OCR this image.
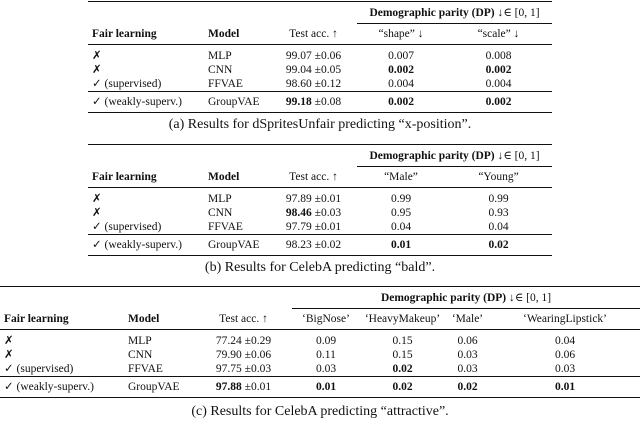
			Demographic parity (DP) ↓∈ [0, 1]	
Fair learning	Model	Test acc. ↑	“shape” ↓	“scale” ↓
✗	MLP	99.07 ±0.06	0.007	0.008
✗	CNN	99.04 ±0.05	0.002	0.002
✓ (supervised)	FFVAE	98.60 ±0.12	0.004	0.004
✓ (weakly-superv.)	GroupVAE	99.18 ±0.08	0.002	0.002
(a) Results for dSpritesUnfair predicting “x-position”.
			Demographic parity (DP) ↓∈ [0, 1]	
Fair learning	Model	Test acc. ↑	“Male”	“Young”
✗	MLP	97.89 ±0.01	0.99	0.99
✗	CNN	98.46 ±0.03	0.95	0.93
✓ (supervised)	FFVAE	97.79 ±0.01	0.04	0.04
✓ (weakly-superv.)	GroupVAE	98.23 ±0.02	0.01	0.02
(b) Results for CelebA predicting “bald”.
			Demographic parity (DP) ↓∈ [0, 1]			
Fair learning	Model	Test acc. ↑	‘BigNose’	‘HeavyMakeup’	‘Male’	‘WearingLipstick’
✗	MLP	77.24 ±0.29	0.09	0.15	0.06	0.04
✗	CNN	79.90 ±0.06	0.11	0.15	0.03	0.06
✓ (supervised)	FFVAE	97.75 ±0.03	0.03	0.02	0.03	0.03
✓ (weakly-superv.)	GroupVAE	97.88 ±0.01	0.01	0.02	0.02	0.01
(c) Results for CelebA predicting “attractive”.
